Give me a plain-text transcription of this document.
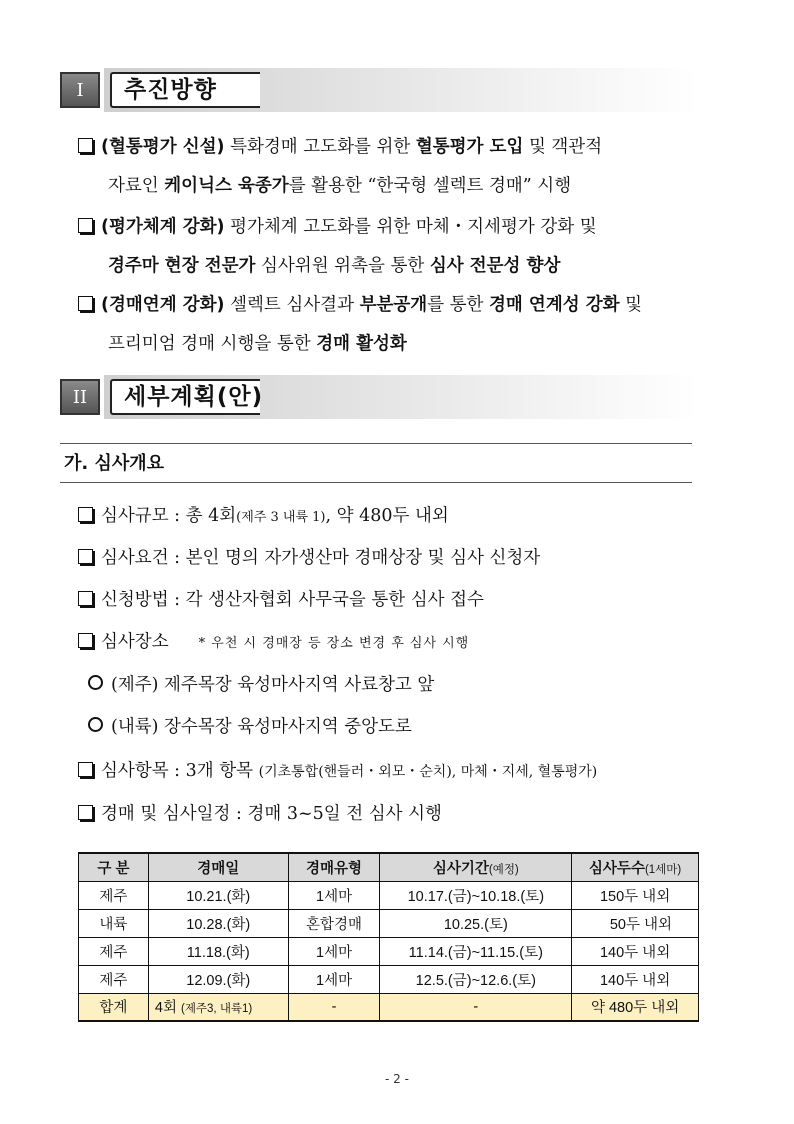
I	추진방향
(혈통평가 신설) 특화경매 고도화를 위한 혈통평가 도입 및 객관적
자료인 케이닉스 육종가를 활용한 “한국형 셀렉트 경매” 시행
(평가체계 강화) 평가체계 고도화를 위한 마체・지세평가 강화 및
경주마 현장 전문가 심사위원 위촉을 통한 심사 전문성 향상
(경매연계 강화) 셀렉트 심사결과 부분공개를 통한 경매 연계성 강화 및
프리미엄 경매 시행을 통한 경매 활성화
II	세부계획(안)
가. 심사개요
심사규모 : 총 4회(제주 3 내륙 1), 약 480두 내외
심사요건 : 본인 명의 자가생산마 경매상장 및 심사 신청자
신청방법 : 각 생산자협회 사무국을 통한 심사 접수
심사장소 * 우천 시 경매장 등 장소 변경 후 심사 시행
(제주) 제주목장 육성마사지역 사료창고 앞
(내륙) 장수목장 육성마사지역 중앙도로
심사항목 : 3개 항목 (기초통합(핸들러・외모・순치), 마체・지세, 혈통평가)
경매 및 심사일정 : 경매 3~5일 전 심사 시행
구 분	경매일	경매유형	심사기간(예정)	심사두수(1세마)
제주	10.21.(화)	1세마	10.17.(금)~10.18.(토)	150두 내외
내륙	10.28.(화)	혼합경매	10.25.(토)	50두 내외
제주	11.18.(화)	1세마	11.14.(금)~11.15.(토)	140두 내외
제주	12.09.(화)	1세마	12.5.(금)~12.6.(토)	140두 내외
합계	4회 (제주3, 내륙1)	-	-	약 480두 내외
- 2 -
